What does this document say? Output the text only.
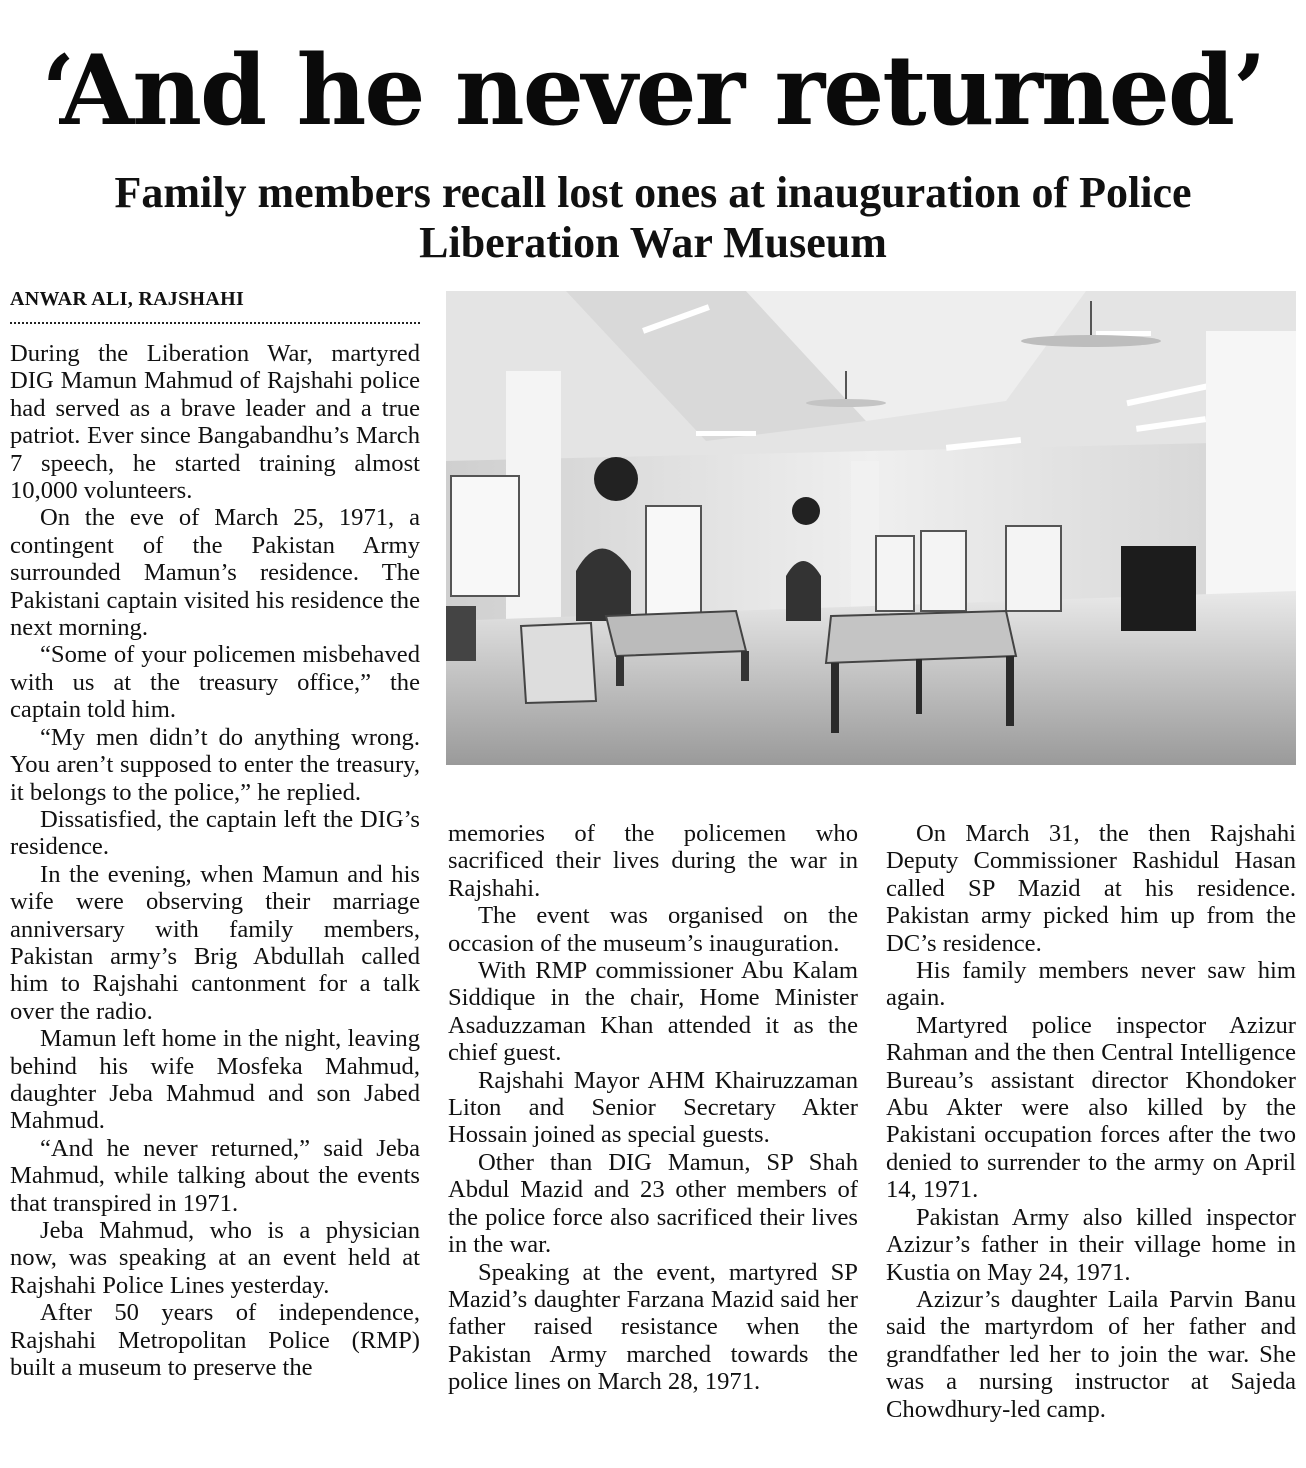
‘And he never returned’
Family members recall lost ones at inauguration of Police Liberation War Museum
ANWAR ALI, RAJSHAHI

During the Liberation War, martyred DIG Mamun Mahmud of Rajshahi police had served as a brave leader and a true patriot. Ever since Bangabandhu’s March 7 speech, he started training almost 10,000 volunteers.

On the eve of March 25, 1971, a contingent of the Pakistan Army surrounded Mamun’s residence. The Pakistani captain visited his residence the next morning.

“Some of your policemen misbehaved with us at the treasury office,” the captain told him.

“My men didn’t do anything wrong. You aren’t supposed to enter the treasury, it belongs to the police,” he replied.

Dissatisfied, the captain left the DIG’s residence.

In the evening, when Mamun and his wife were observing their marriage anniversary with family members, Pakistan army’s Brig Abdullah called him to Rajshahi cantonment for a talk over the radio.

Mamun left home in the night, leaving behind his wife Mosfeka Mahmud, daughter Jeba Mahmud and son Jabed Mahmud.

“And he never returned,” said Jeba Mahmud, while talking about the events that transpired in 1971.

Jeba Mahmud, who is a physician now, was speaking at an event held at Rajshahi Police Lines yesterday.

After 50 years of independence, Rajshahi Metropolitan Police (RMP) built a museum to preserve the

memories of the policemen who sacrificed their lives during the war in Rajshahi.

The event was organised on the occasion of the museum’s inauguration.

With RMP commissioner Abu Kalam Siddique in the chair, Home Minister Asaduzzaman Khan attended it as the chief guest.

Rajshahi Mayor AHM Khairuzzaman Liton and Senior Secretary Akter Hossain joined as special guests.

Other than DIG Mamun, SP Shah Abdul Mazid and 23 other members of the police force also sacrificed their lives in the war.

Speaking at the event, martyred SP Mazid’s daughter Farzana Mazid said her father raised resistance when the Pakistan Army marched towards the police lines on March 28, 1971.

On March 31, the then Rajshahi Deputy Commissioner Rashidul Hasan called SP Mazid at his residence. Pakistan army picked him up from the DC’s residence.

His family members never saw him again.

Martyred police inspector Azizur Rahman and the then Central Intelligence Bureau’s assistant director Khondoker Abu Akter were also killed by the Pakistani occupation forces after the two denied to surrender to the army on April 14, 1971.

Pakistan Army also killed inspector Azizur’s father in their village home in Kustia on May 24, 1971.

Azizur’s daughter Laila Parvin Banu said the martyrdom of her father and grandfather led her to join the war. She was a nursing instructor at Sajeda Chowdhury-led camp.
